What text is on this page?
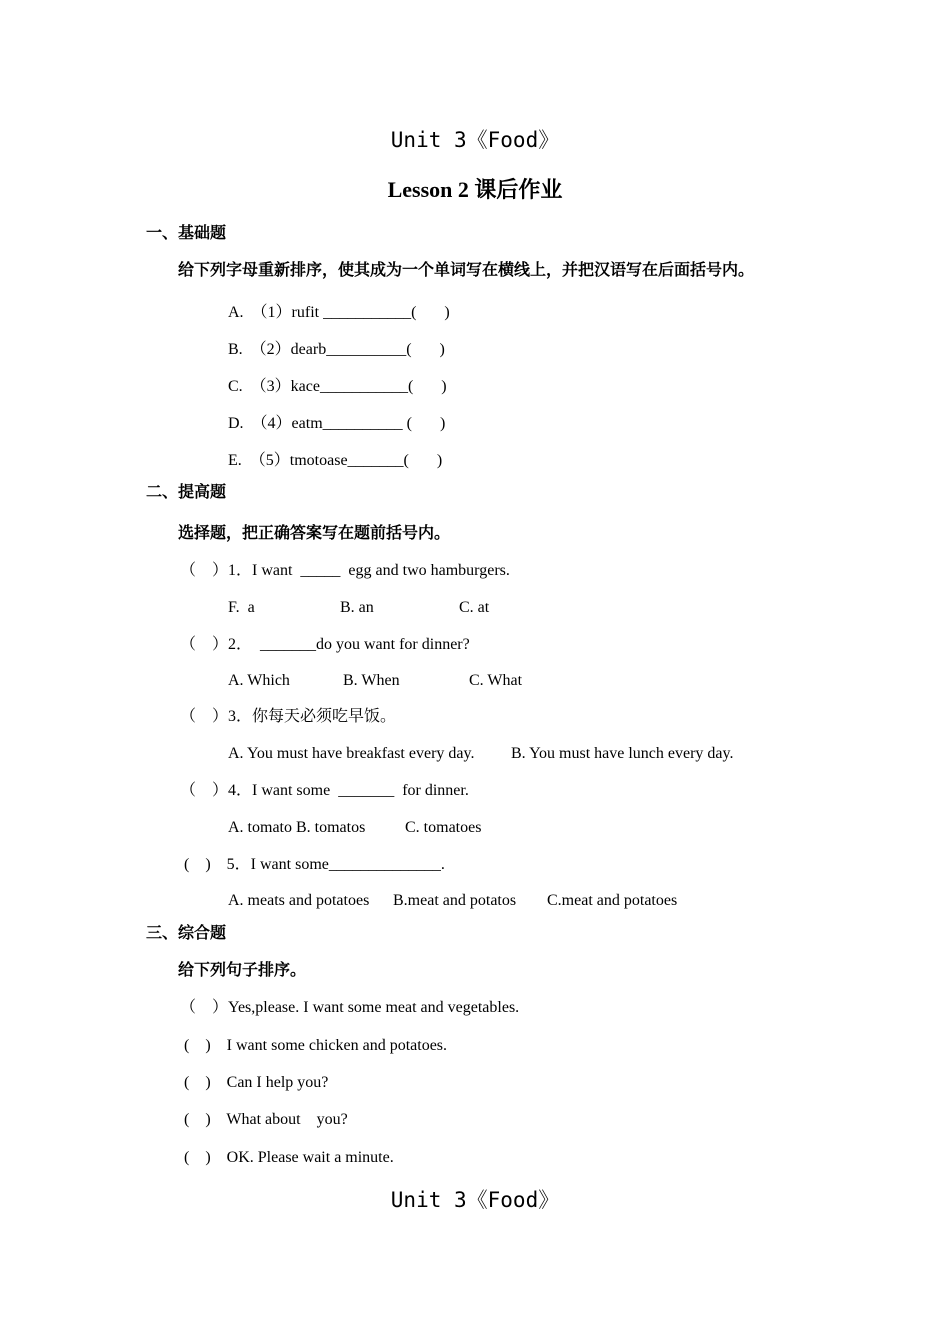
Unit 3《Food》
Lesson 2 课后作业
一、基础题
给下列字母重新排序，使其成为一个单词写在横线上，并把汉语写在后面括号内。
A.  （1）rufit ___________(       )
B.  （2）dearb__________(       )
C.  （3）kace___________(       )
D.  （4）eatm__________ (       )
E.  （5）tmotoase_______(       )
二、提高题
选择题，把正确答案写在题前括号内。
（    ）1．I want  _____  egg and two hamburgers.
F.  a	B. an	C. at
（    ）2．  _______do you want for dinner?
A. Which	B. When	C. What
（    ）3．你每天必须吃早饭。
A. You must have breakfast every day. B. You must have lunch every day.
（    ）4．I want some  _______  for dinner.
A. tomato B. tomatos C. tomatoes
(    )    5．I want some______________.
A. meats and potatoes B.meat and potatos C.meat and potatoes
三、综合题
给下列句子排序。
（    ）Yes,please. I want some meat and vegetables.
(    )    I want some chicken and potatoes.
(    )    Can I help you?
(    )    What about    you?
(    )    OK. Please wait a minute.
Unit 3《Food》
